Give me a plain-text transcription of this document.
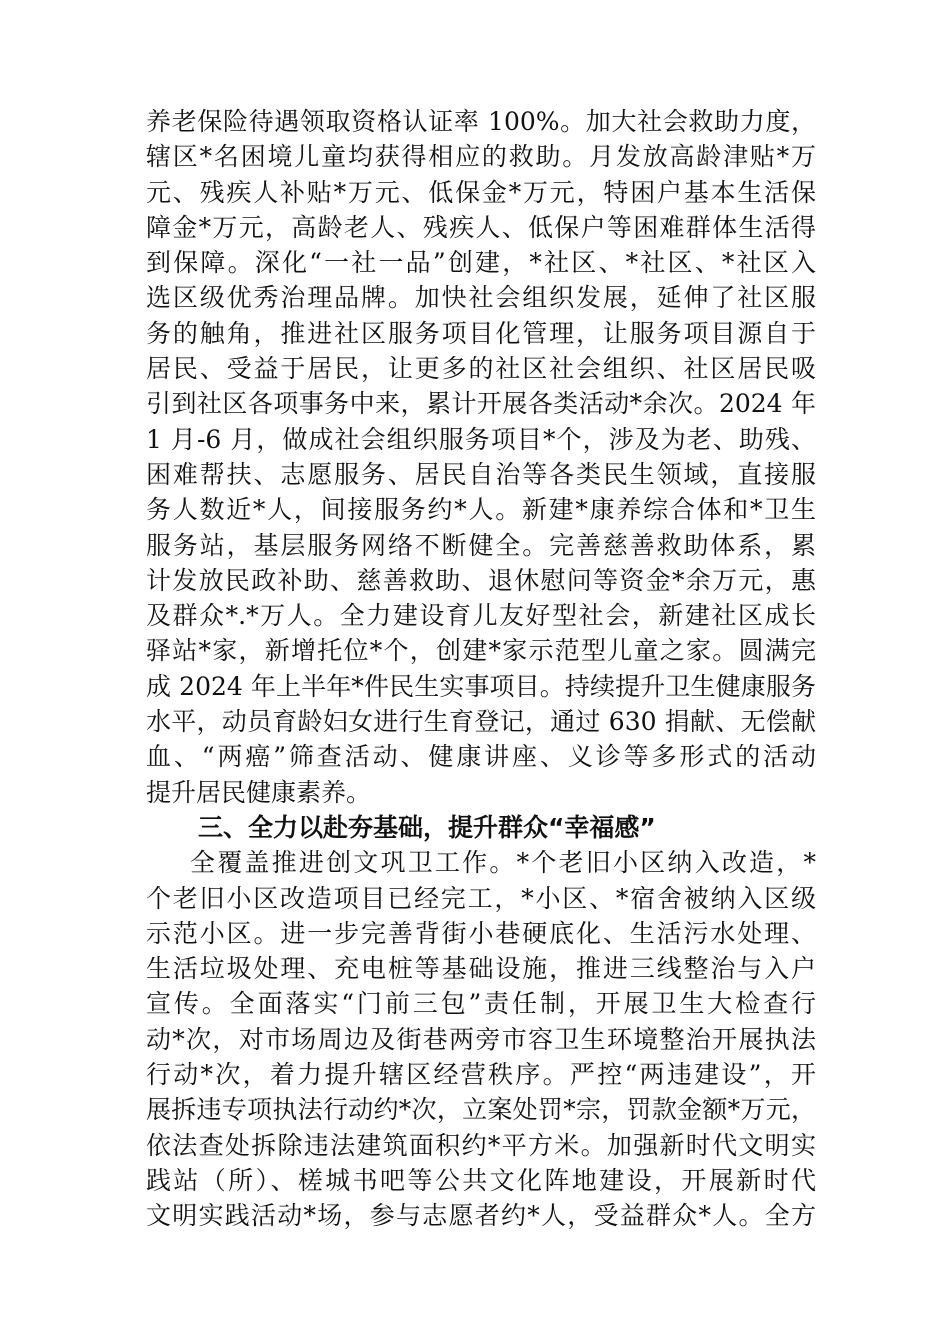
养老保险待遇领取资格认证率 100%。加大社会救助力度，
辖区*名困境儿童均获得相应的救助。月发放高龄津贴*万
元、残疾人补贴*万元、低保金*万元，特困户基本生活保
障金*万元，高龄老人、残疾人、低保户等困难群体生活得
到保障。深化“一社一品”创建，*社区、*社区、*社区入
选区级优秀治理品牌。加快社会组织发展，延伸了社区服
务的触角，推进社区服务项目化管理，让服务项目源自于
居民、受益于居民，让更多的社区社会组织、社区居民吸
引到社区各项事务中来，累计开展各类活动*余次。2024 年
1 月-6 月，做成社会组织服务项目*个，涉及为老、助残、
困难帮扶、志愿服务、居民自治等各类民生领域，直接服
务人数近*人，间接服务约*人。新建*康养综合体和*卫生
服务站，基层服务网络不断健全。完善慈善救助体系，累
计发放民政补助、慈善救助、退休慰问等资金*余万元，惠
及群众*.*万人。全力建设育儿友好型社会，新建社区成长
驿站*家，新增托位*个，创建*家示范型儿童之家。圆满完
成 2024 年上半年*件民生实事项目。持续提升卫生健康服务
水平，动员育龄妇女进行生育登记，通过 630 捐献、无偿献
血、“两癌”筛查活动、健康讲座、义诊等多形式的活动
提升居民健康素养。
三、全力以赴夯基础，提升群众“幸福感”
全覆盖推进创文巩卫工作。*个老旧小区纳入改造，*
个老旧小区改造项目已经完工，*小区、*宿舍被纳入区级
示范小区。进一步完善背街小巷硬底化、生活污水处理、
生活垃圾处理、充电桩等基础设施，推进三线整治与入户
宣传。全面落实“门前三包”责任制，开展卫生大检查行
动*次，对市场周边及街巷两旁市容卫生环境整治开展执法
行动*次，着力提升辖区经营秩序。严控“两违建设”，开
展拆违专项执法行动约*次，立案处罚*宗，罚款金额*万元，
依法查处拆除违法建筑面积约*平方米。加强新时代文明实
践站（所）、槎城书吧等公共文化阵地建设，开展新时代
文明实践活动*场，参与志愿者约*人，受益群众*人。全方
